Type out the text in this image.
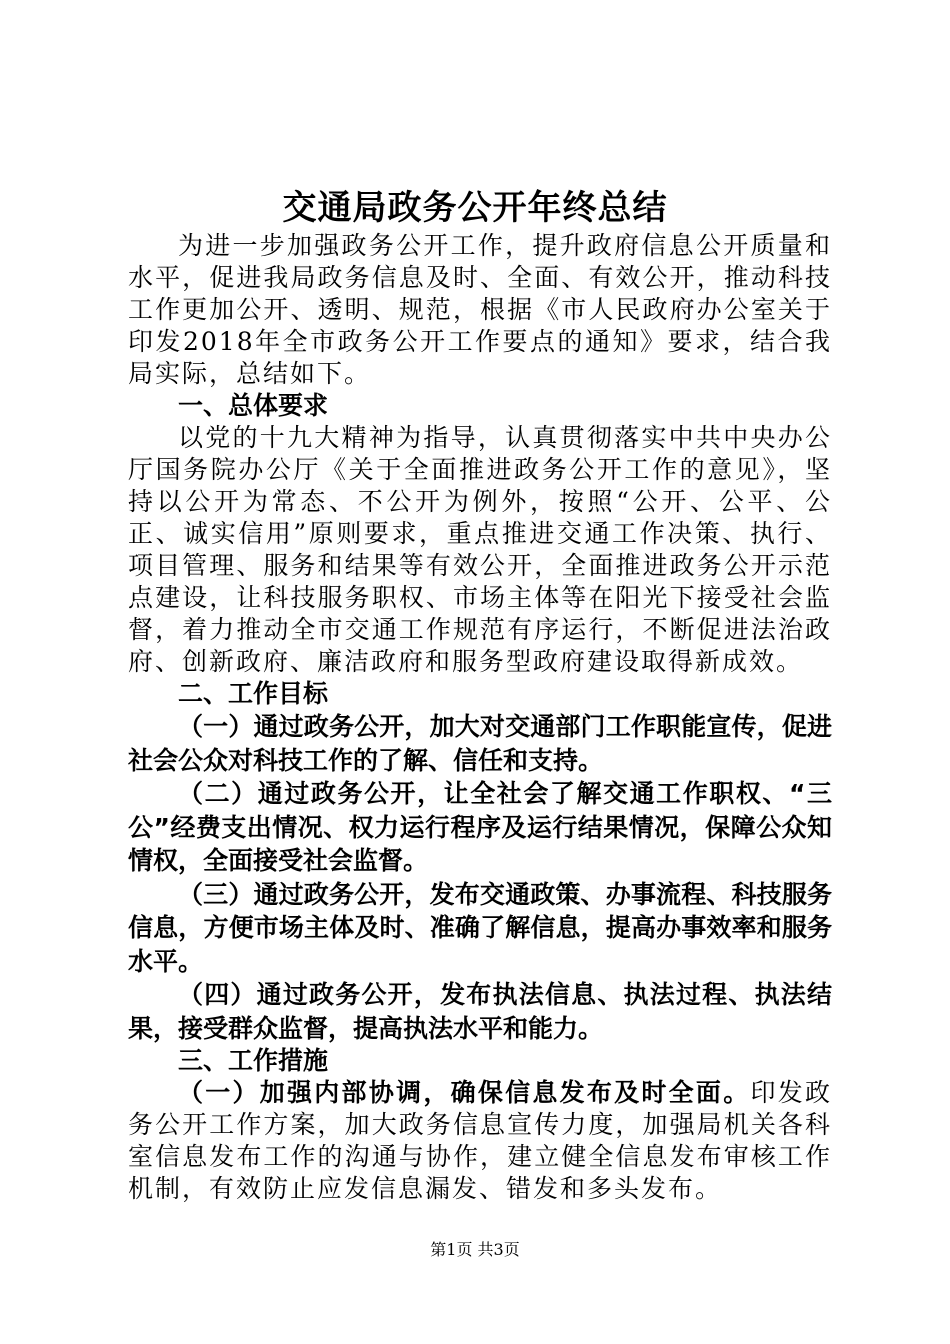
交通局政务公开年终总结

为进一步加强政务公开工作，提升政府信息公开质量和水平，促进我局政务信息及时、全面、有效公开，推动科技工作更加公开、透明、规范，根据《市人民政府办公室关于印发2018年全市政务公开工作要点的通知》要求，结合我局实际，总结如下。

一、总体要求

以党的十九大精神为指导，认真贯彻落实中共中央办公厅国务院办公厅《关于全面推进政务公开工作的意见》，坚持以公开为常态、不公开为例外，按照“公开、公平、公正、诚实信用”原则要求，重点推进交通工作决策、执行、项目管理、服务和结果等有效公开，全面推进政务公开示范点建设，让科技服务职权、市场主体等在阳光下接受社会监督，着力推动全市交通工作规范有序运行，不断促进法治政府、创新政府、廉洁政府和服务型政府建设取得新成效。

二、工作目标

（一）通过政务公开，加大对交通部门工作职能宣传，促进社会公众对科技工作的了解、信任和支持。

（二）通过政务公开，让全社会了解交通工作职权、“三公”经费支出情况、权力运行程序及运行结果情况，保障公众知情权，全面接受社会监督。

（三）通过政务公开，发布交通政策、办事流程、科技服务信息，方便市场主体及时、准确了解信息，提高办事效率和服务水平。

（四）通过政务公开，发布执法信息、执法过程、执法结果，接受群众监督，提高执法水平和能力。

三、工作措施

（一）加强内部协调，确保信息发布及时全面。印发政务公开工作方案，加大政务信息宣传力度，加强局机关各科室信息发布工作的沟通与协作，建立健全信息发布审核工作机制，有效防止应发信息漏发、错发和多头发布。

第1页 共3页
